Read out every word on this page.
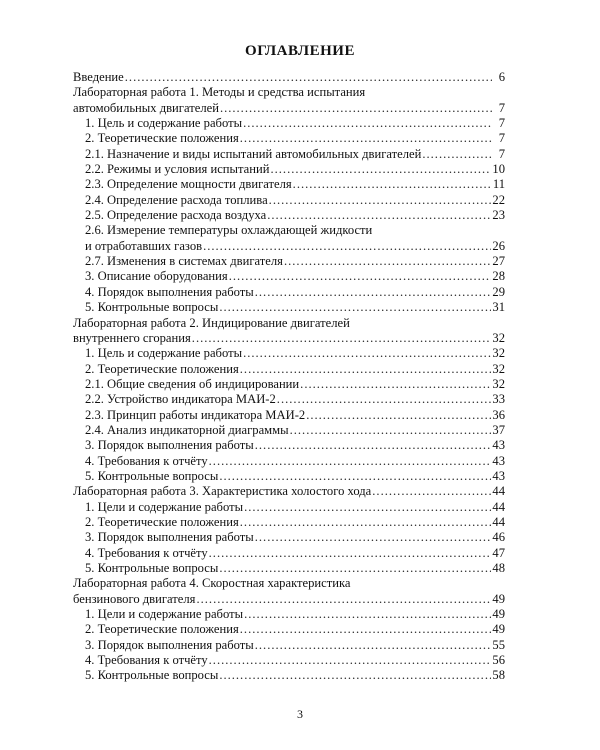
ОГЛАВЛЕНИЕ
Введение .....	6
Лабораторная работа 1. Методы и средства испытания
автомобильных двигателей .....	7
1. Цель и содержание работы .....	7
2. Теоретические положения .....	7
2.1. Назначение и виды испытаний автомобильных двигателей .....	7
2.2. Режимы и условия испытаний .....	10
2.3. Определение мощности двигателя .....	11
2.4. Определение расхода топлива .....	22
2.5. Определение расхода воздуха .....	23
2.6. Измерение температуры охлаждающей жидкости
и отработавших газов .....	26
2.7. Изменения в системах двигателя .....	27
3. Описание оборудования .....	28
4. Порядок выполнения работы .....	29
5. Контрольные вопросы .....	31
Лабораторная работа 2. Индицирование двигателей
внутреннего сгорания .....	32
1. Цель и содержание работы .....	32
2. Теоретические положения .....	32
2.1. Общие сведения об индицировании .....	32
2.2. Устройство индикатора МАИ-2 .....	33
2.3. Принцип работы индикатора МАИ-2 .....	36
2.4. Анализ индикаторной диаграммы .....	37
3. Порядок выполнения работы .....	43
4. Требования к отчёту .....	43
5. Контрольные вопросы .....	43
Лабораторная работа 3. Характеристика холостого хода .....	44
1. Цели и содержание работы .....	44
2. Теоретические положения .....	44
3. Порядок выполнения работы .....	46
4. Требования к отчёту .....	47
5. Контрольные вопросы .....	48
Лабораторная работа 4. Скоростная характеристика
бензинового двигателя .....	49
1. Цели и содержание работы .....	49
2. Теоретические положения .....	49
3. Порядок выполнения работы .....	55
4. Требования к отчёту .....	56
5. Контрольные вопросы .....	58
3
